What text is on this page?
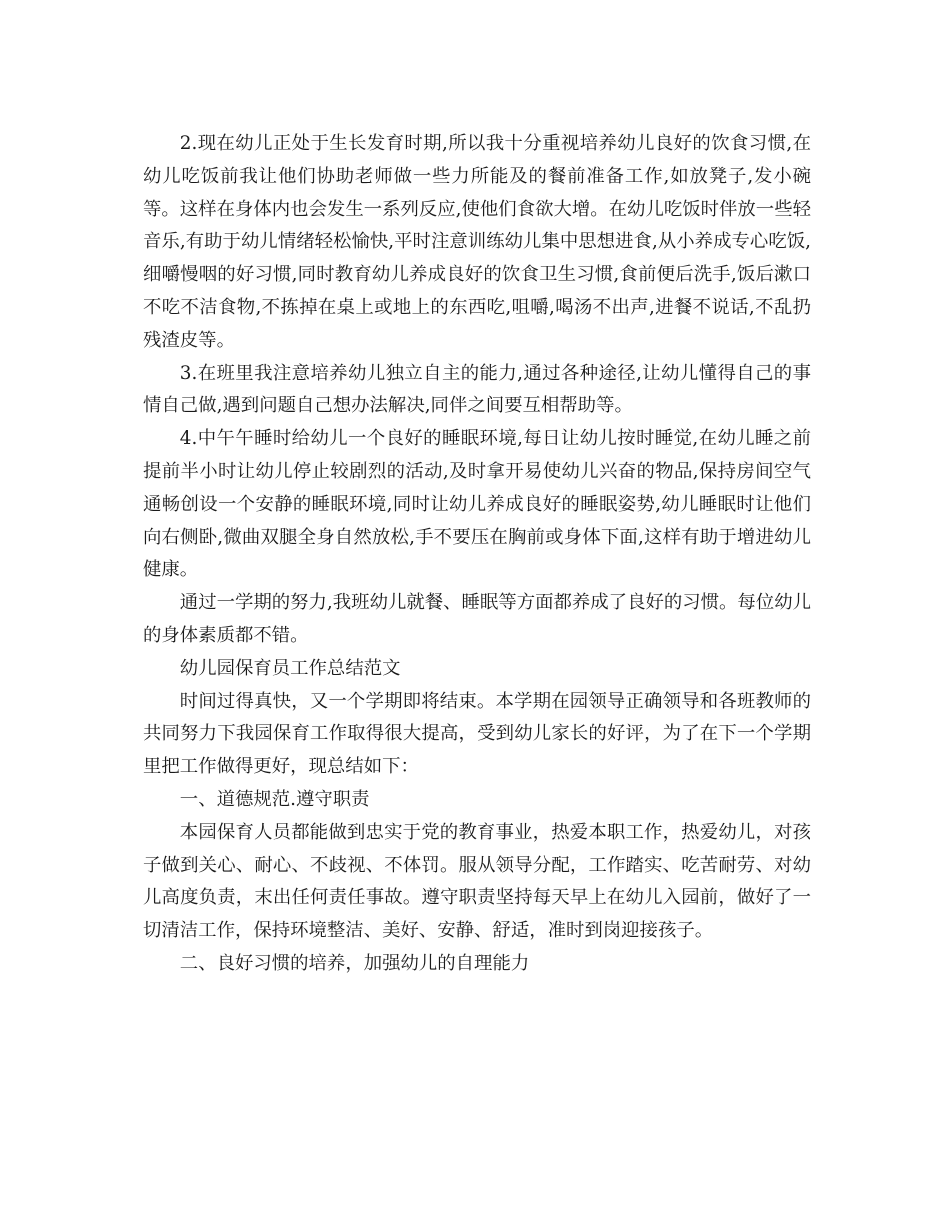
2.现在幼儿正处于生长发育时期,所以我十分重视培养幼儿良好的饮食习惯,在幼儿吃饭前我让他们协助老师做一些力所能及的餐前准备工作,如放凳子,发小碗等。这样在身体内也会发生一系列反应,使他们食欲大增。在幼儿吃饭时伴放一些轻音乐,有助于幼儿情绪轻松愉快,平时注意训练幼儿集中思想进食,从小养成专心吃饭,细嚼慢咽的好习惯,同时教育幼儿养成良好的饮食卫生习惯,食前便后洗手,饭后漱口不吃不洁食物,不拣掉在桌上或地上的东西吃,咀嚼,喝汤不出声,进餐不说话,不乱扔残渣皮等。

3.在班里我注意培养幼儿独立自主的能力,通过各种途径,让幼儿懂得自己的事情自己做,遇到问题自己想办法解决,同伴之间要互相帮助等。

4.中午午睡时给幼儿一个良好的睡眠环境,每日让幼儿按时睡觉,在幼儿睡之前提前半小时让幼儿停止较剧烈的活动,及时拿开易使幼儿兴奋的物品,保持房间空气通畅创设一个安静的睡眠环境,同时让幼儿养成良好的睡眠姿势,幼儿睡眠时让他们向右侧卧,微曲双腿全身自然放松,手不要压在胸前或身体下面,这样有助于增进幼儿健康。

通过一学期的努力,我班幼儿就餐、睡眠等方面都养成了良好的习惯。每位幼儿的身体素质都不错。

幼儿园保育员工作总结范文

时间过得真快，又一个学期即将结束。本学期在园领导正确领导和各班教师的共同努力下我园保育工作取得很大提高，受到幼儿家长的好评，为了在下一个学期里把工作做得更好，现总结如下：

一、道德规范.遵守职责

本园保育人员都能做到忠实于党的教育事业，热爱本职工作，热爱幼儿，对孩子做到关心、耐心、不歧视、不体罚。服从领导分配，工作踏实、吃苦耐劳、对幼儿高度负责，末出任何责任事故。遵守职责坚持每天早上在幼儿入园前，做好了一切清洁工作，保持环境整洁、美好、安静、舒适，准时到岗迎接孩子。

二、良好习惯的培养，加强幼儿的自理能力
